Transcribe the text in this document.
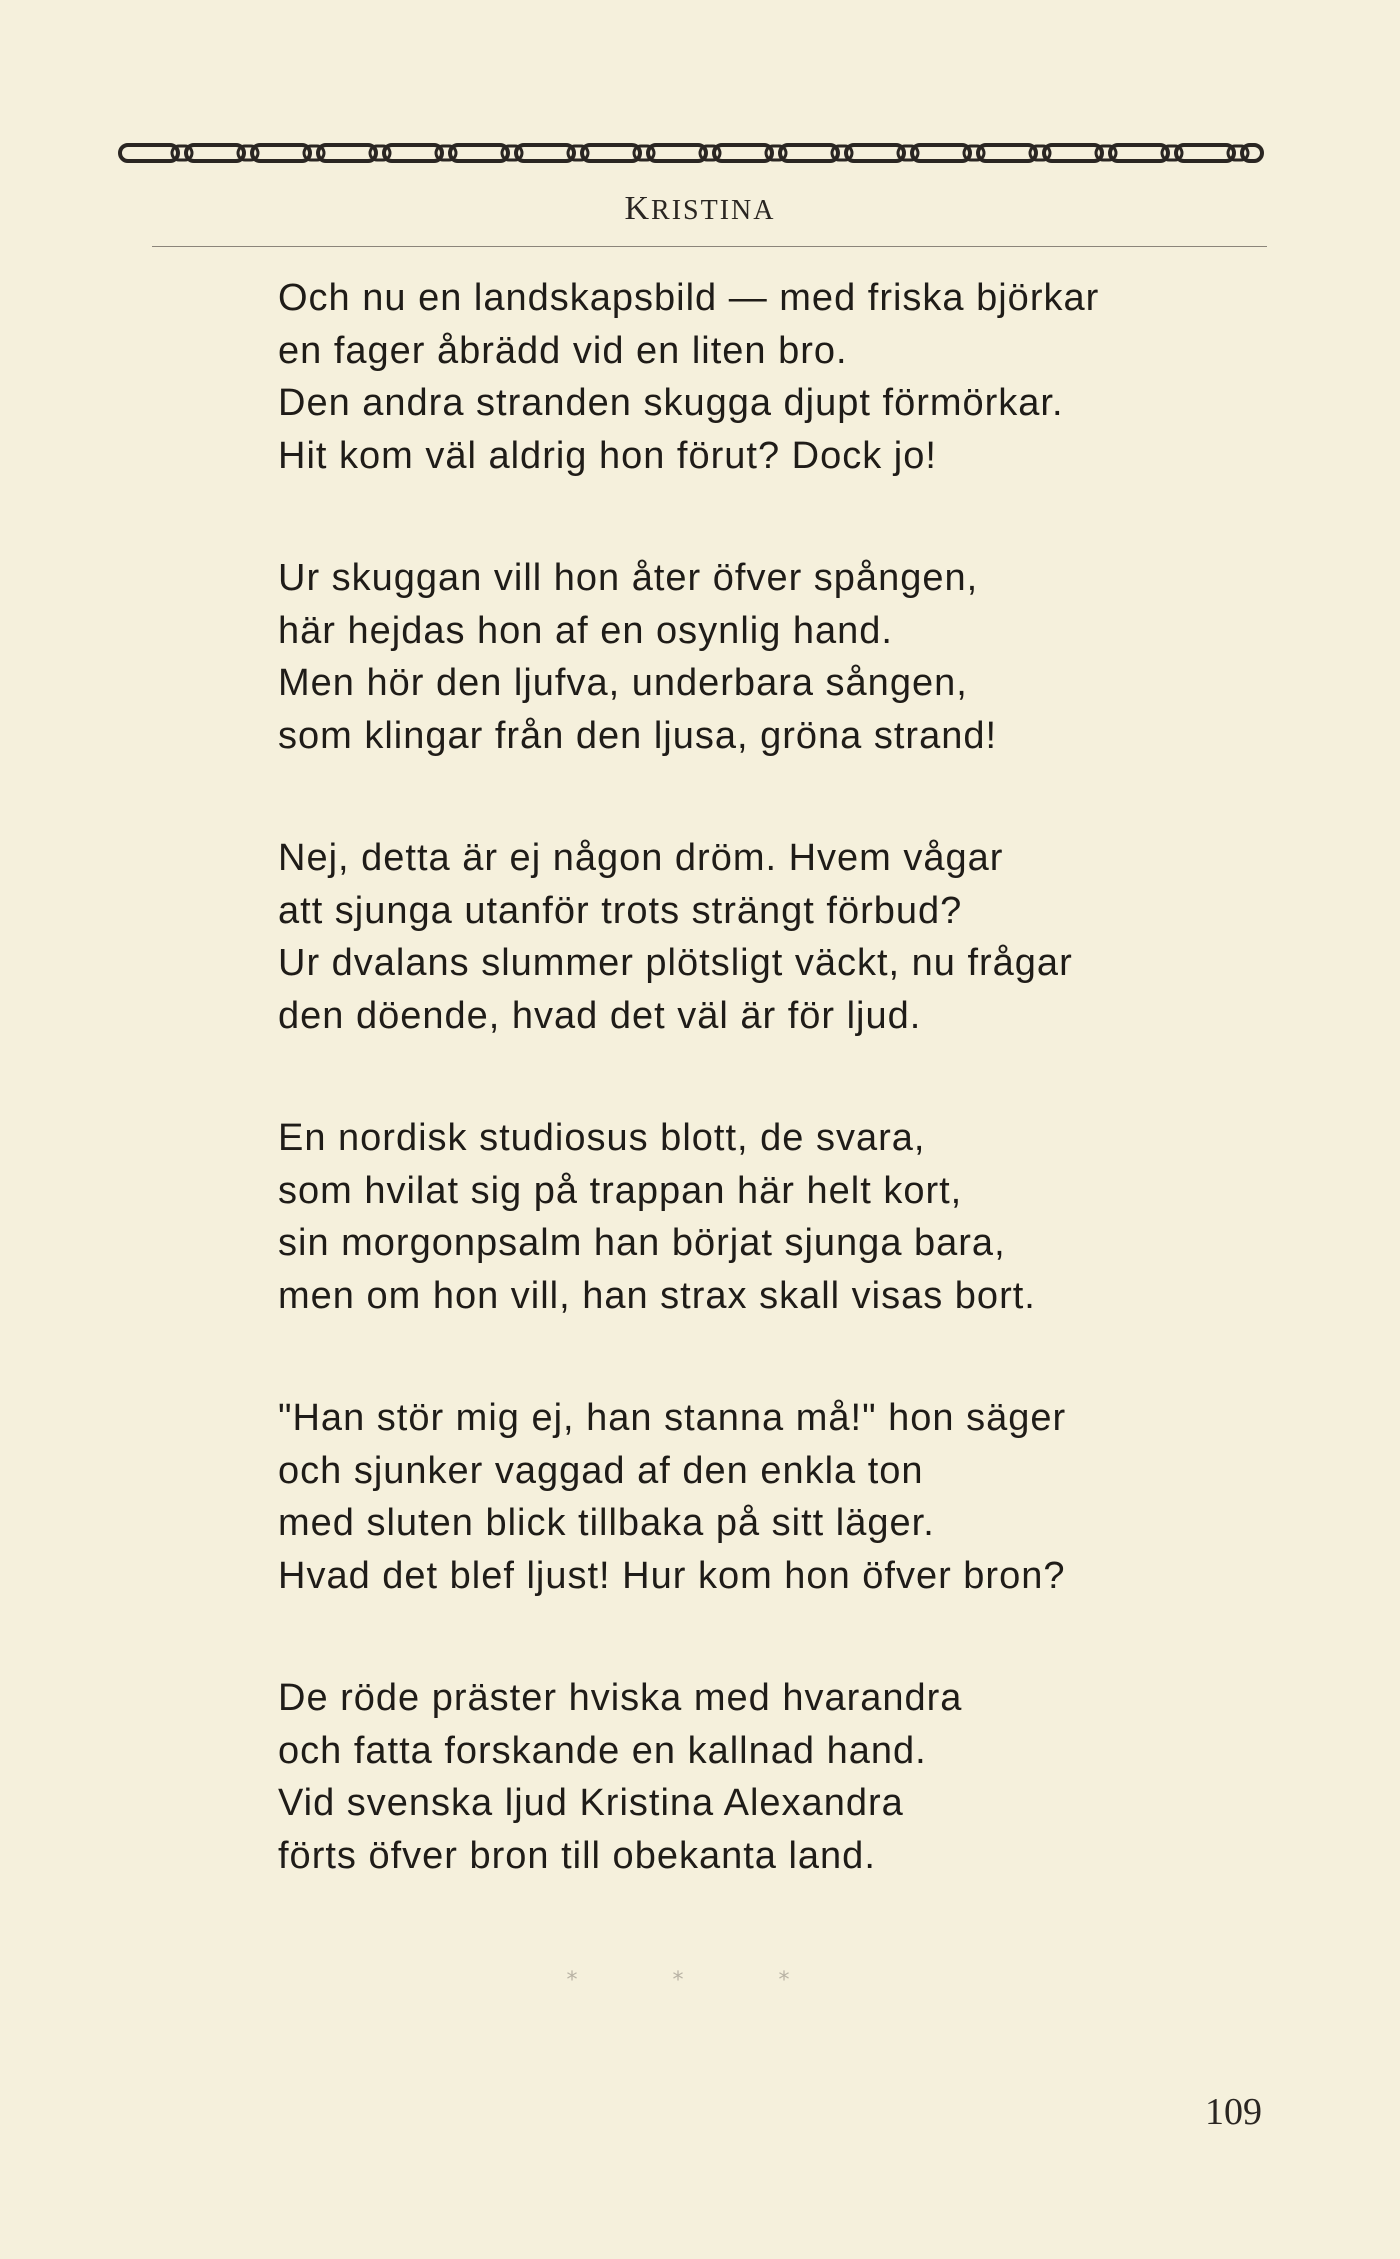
KRISTINA
Och nu en landskapsbild — med friska björkar
en fager åbrädd vid en liten bro.
Den andra stranden skugga djupt förmörkar.
Hit kom väl aldrig hon förut? Dock jo!
Ur skuggan vill hon åter öfver spången,
här hejdas hon af en osynlig hand.
Men hör den ljufva, underbara sången,
som klingar från den ljusa, gröna strand!
Nej, detta är ej någon dröm. Hvem vågar
att sjunga utanför trots strängt förbud?
Ur dvalans slummer plötsligt väckt, nu frågar
den döende, hvad det väl är för ljud.
En nordisk studiosus blott, de svara,
som hvilat sig på trappan här helt kort,
sin morgonpsalm han börjat sjunga bara,
men om hon vill, han strax skall visas bort.
"Han stör mig ej, han stanna må!" hon säger
och sjunker vaggad af den enkla ton
med sluten blick tillbaka på sitt läger.
Hvad det blef ljust! Hur kom hon öfver bron?
De röde präster hviska med hvarandra
och fatta forskande en kallnad hand.
Vid svenska ljud Kristina Alexandra
förts öfver bron till obekanta land.
* * *
109
